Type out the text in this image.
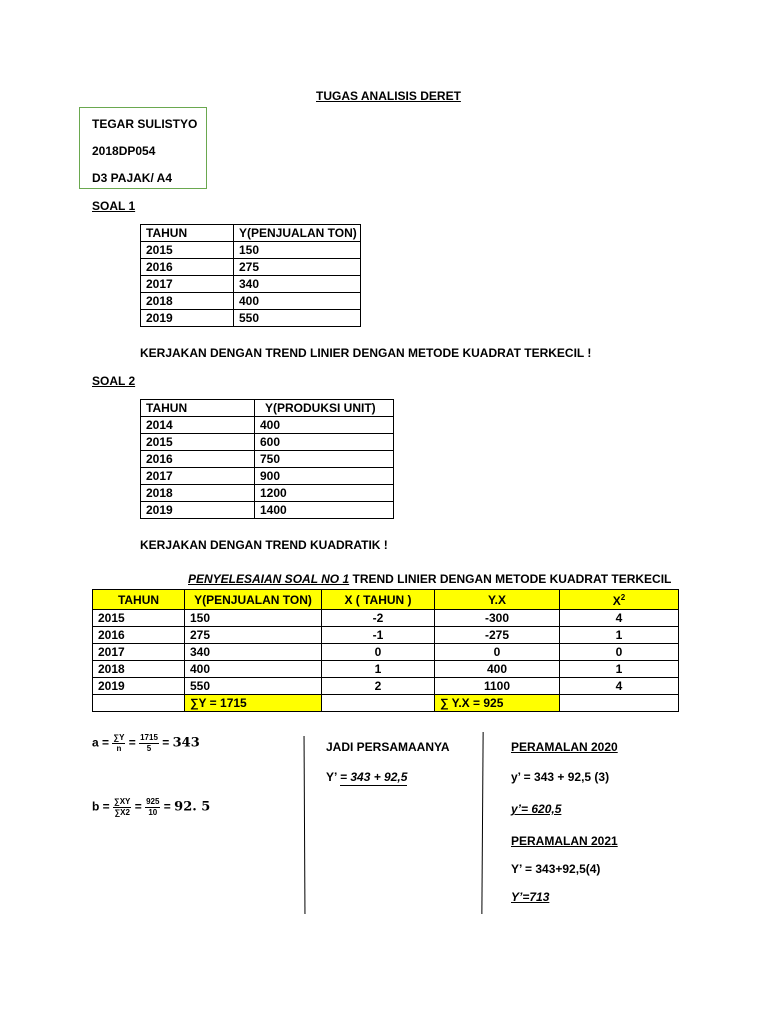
TUGAS ANALISIS DERET
TEGAR SULISTYO
2018DP054
D3 PAJAK/ A4
SOAL 1
TAHUN	Y(PENJUALAN TON)
2015	150
2016	275
2017	340
2018	400
2019	550
KERJAKAN DENGAN TREND LINIER DENGAN METODE KUADRAT TERKECIL !
SOAL 2
TAHUN	Y(PRODUKSI UNIT)
2014	400
2015	600
2016	750
2017	900
2018	1200
2019	1400
KERJAKAN DENGAN TREND KUADRATIK !
PENYELESAIAN SOAL NO 1 TREND LINIER DENGAN METODE KUADRAT TERKECIL
TAHUN	Y(PENJUALAN TON)	X ( TAHUN )	Y.X	$X^2$
2015	150	-2	-300	4
2016	275	-1	-275	1
2017	340	0	0	0
2018	400	1	400	1
2019	550	2	1100	4
	∑Y = 1715		∑ Y.X = 925	
$a = \frac{\sum Y}{n} = \frac{1715}{5} = 343$
$b = \frac{\sum XY}{\sum X2} = \frac{925}{10} = 92$. 5
JADI PERSAMAANYA
Y’ = 343 + 92,5
PERAMALAN 2020
y’ = 343 + 92,5 (3)
y’= 620,5
PERAMALAN 2021
Y’ = 343+92,5(4)
Y’=713
